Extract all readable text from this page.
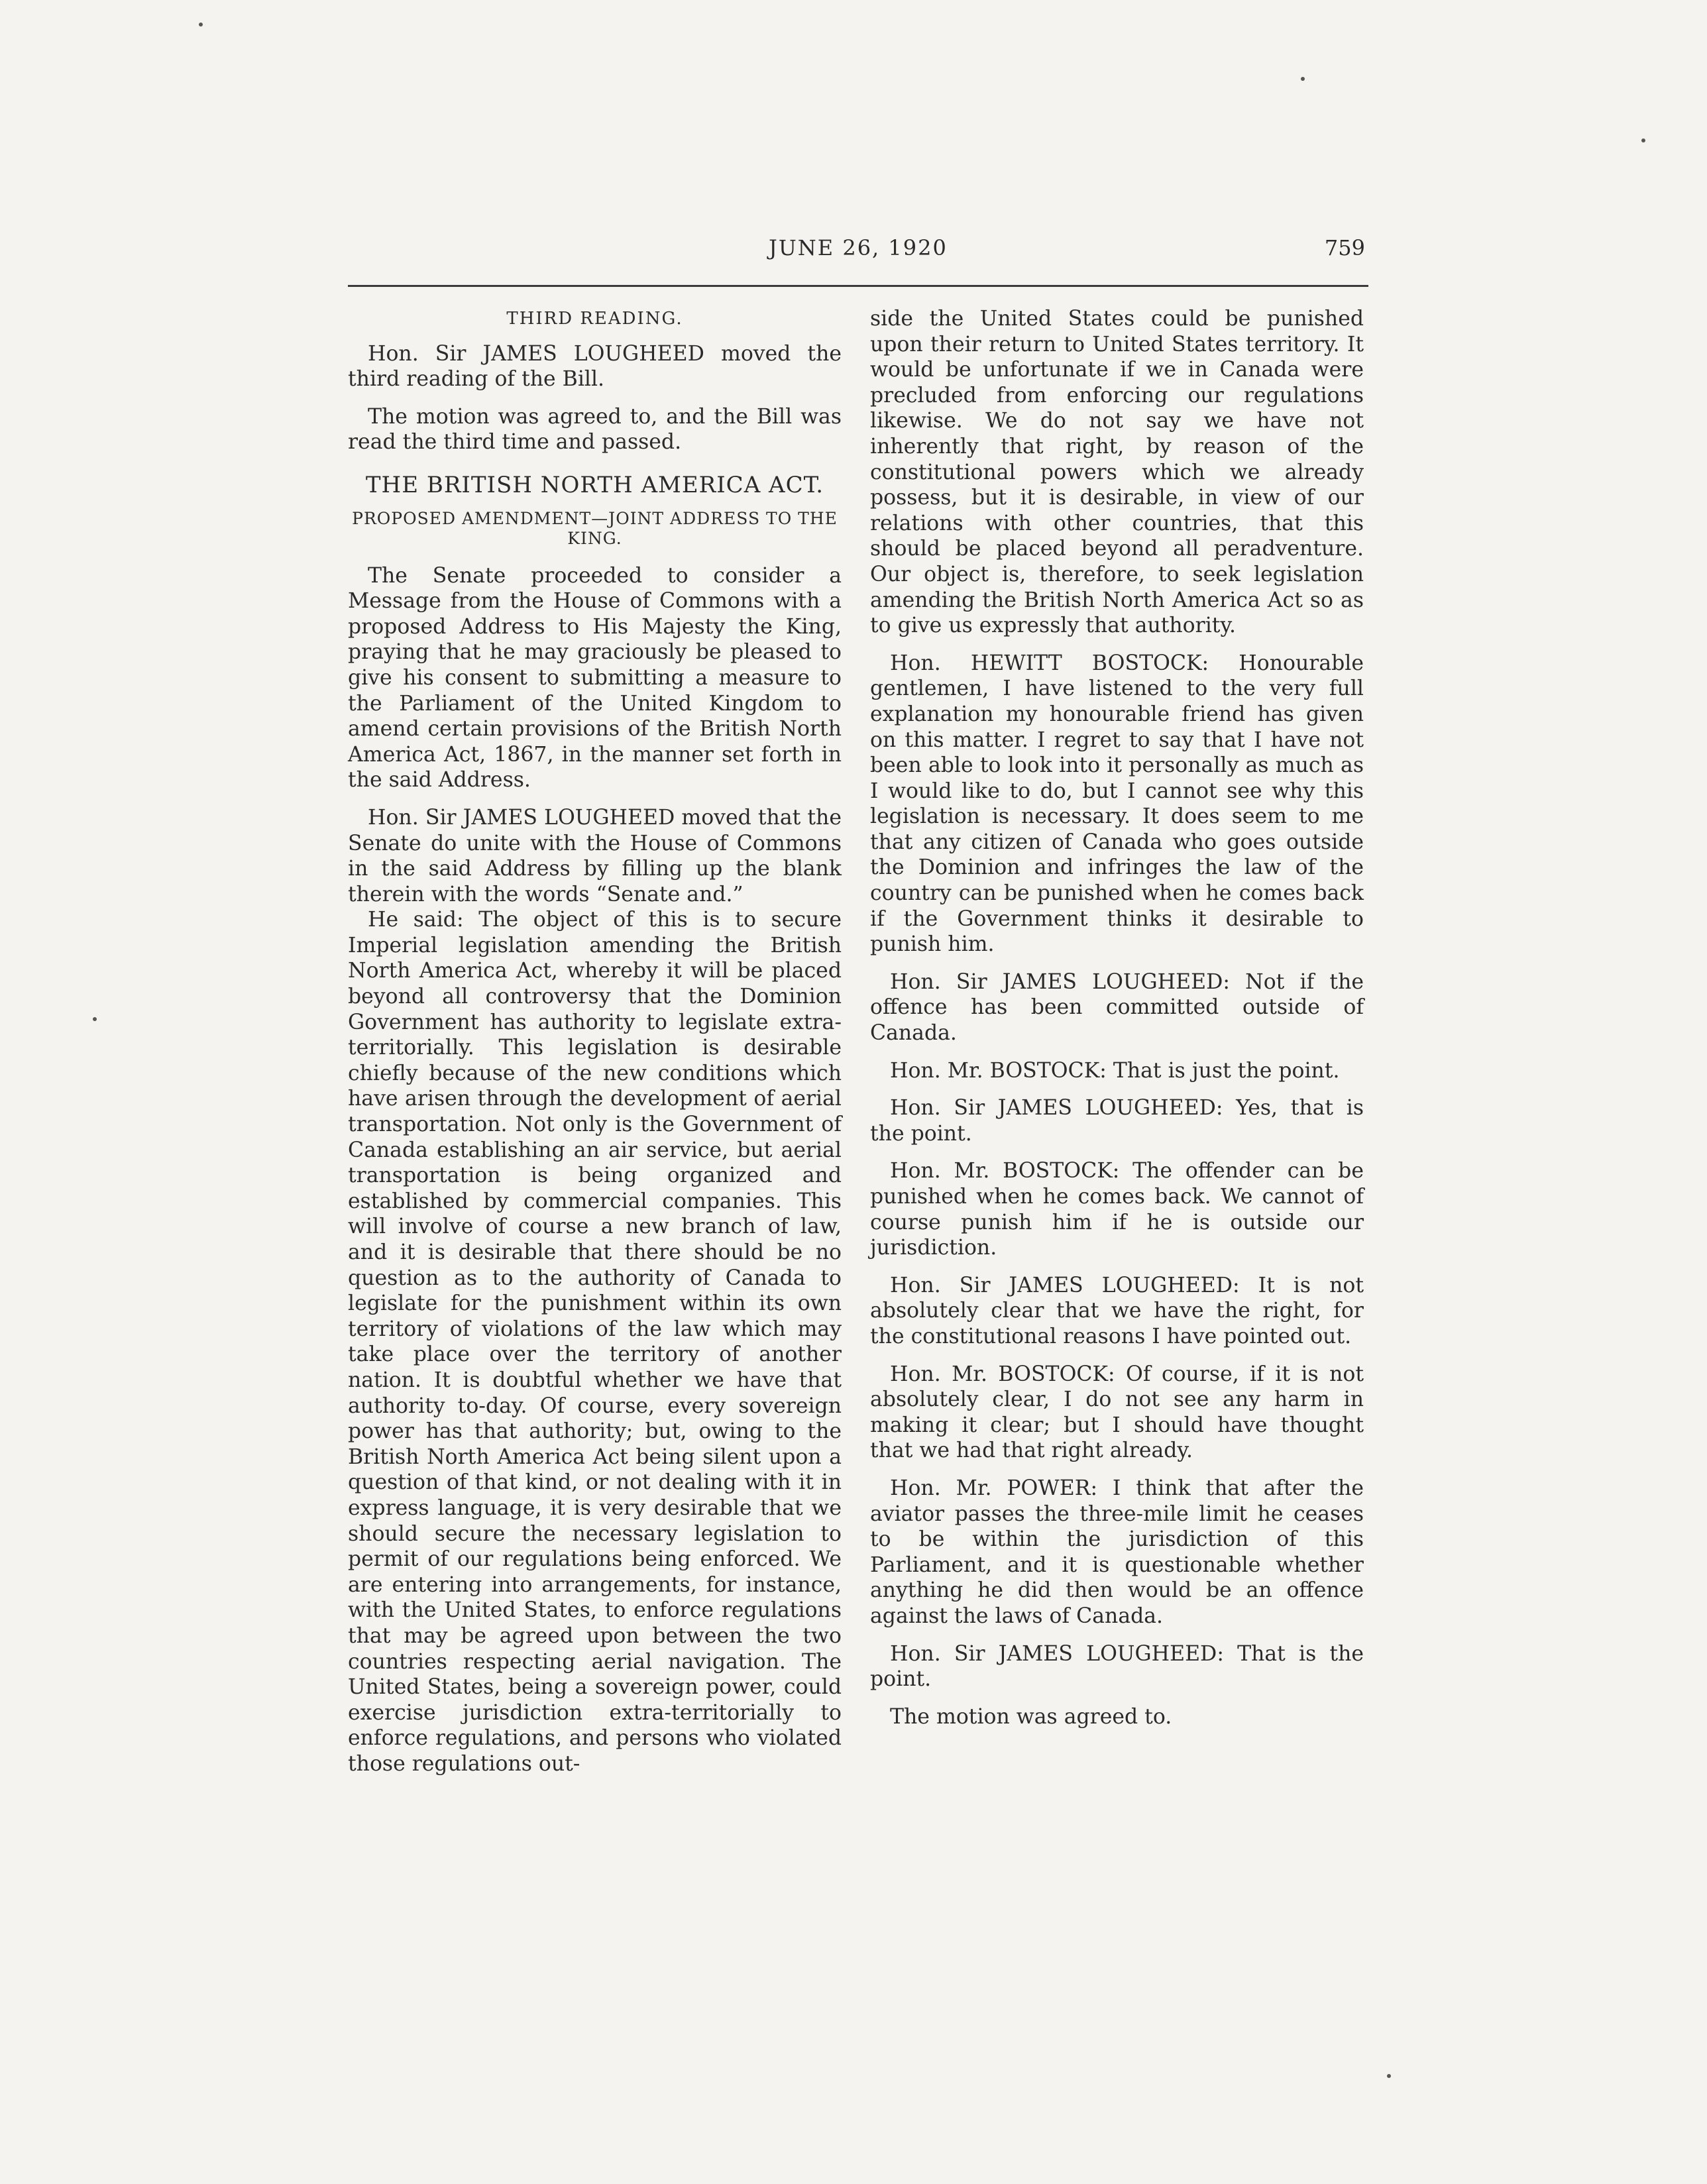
JUNE 26, 1920	759
THIRD READING.

Hon. Sir JAMES LOUGHEED moved the third reading of the Bill.

The motion was agreed to, and the Bill was read the third time and passed.

THE BRITISH NORTH AMERICA ACT.
PROPOSED AMENDMENT—JOINT ADDRESS TO THE KING.

The Senate proceeded to consider a Message from the House of Commons with a proposed Address to His Majesty the King, praying that he may graciously be pleased to give his consent to submitting a measure to the Parliament of the United Kingdom to amend certain provisions of the British North America Act, 1867, in the manner set forth in the said Address.

Hon. Sir JAMES LOUGHEED moved that the Senate do unite with the House of Commons in the said Address by filling up the blank therein with the words “Senate and.”

He said: The object of this is to secure Imperial legislation amending the British North America Act, whereby it will be placed beyond all controversy that the Dominion Government has authority to legislate extra-territorially. This legislation is desirable chiefly because of the new conditions which have arisen through the development of aerial transportation. Not only is the Government of Canada establishing an air service, but aerial transportation is being organized and established by commercial companies. This will involve of course a new branch of law, and it is desirable that there should be no question as to the authority of Canada to legislate for the punishment within its own territory of violations of the law which may take place over the territory of another nation. It is doubtful whether we have that authority to-day. Of course, every sovereign power has that authority; but, owing to the British North America Act being silent upon a question of that kind, or not dealing with it in express language, it is very desirable that we should secure the necessary legislation to permit of our regulations being enforced. We are entering into arrangements, for instance, with the United States, to enforce regulations that may be agreed upon between the two countries respecting aerial navigation. The United States, being a sovereign power, could exercise jurisdiction extra-territorially to enforce regulations, and persons who violated those regulations out-

side the United States could be punished upon their return to United States territory. It would be unfortunate if we in Canada were precluded from enforcing our regulations likewise. We do not say we have not inherently that right, by reason of the constitutional powers which we already possess, but it is desirable, in view of our relations with other countries, that this should be placed beyond all peradventure. Our object is, therefore, to seek legislation amending the British North America Act so as to give us expressly that authority.

Hon. HEWITT BOSTOCK: Honourable gentlemen, I have listened to the very full explanation my honourable friend has given on this matter. I regret to say that I have not been able to look into it personally as much as I would like to do, but I cannot see why this legislation is necessary. It does seem to me that any citizen of Canada who goes outside the Dominion and infringes the law of the country can be punished when he comes back if the Government thinks it desirable to punish him.

Hon. Sir JAMES LOUGHEED: Not if the offence has been committed outside of Canada.

Hon. Mr. BOSTOCK: That is just the point.

Hon. Sir JAMES LOUGHEED: Yes, that is the point.

Hon. Mr. BOSTOCK: The offender can be punished when he comes back. We cannot of course punish him if he is outside our jurisdiction.

Hon. Sir JAMES LOUGHEED: It is not absolutely clear that we have the right, for the constitutional reasons I have pointed out.

Hon. Mr. BOSTOCK: Of course, if it is not absolutely clear, I do not see any harm in making it clear; but I should have thought that we had that right already.

Hon. Mr. POWER: I think that after the aviator passes the three-mile limit he ceases to be within the jurisdiction of this Parliament, and it is questionable whether anything he did then would be an offence against the laws of Canada.

Hon. Sir JAMES LOUGHEED: That is the point.

The motion was agreed to.
